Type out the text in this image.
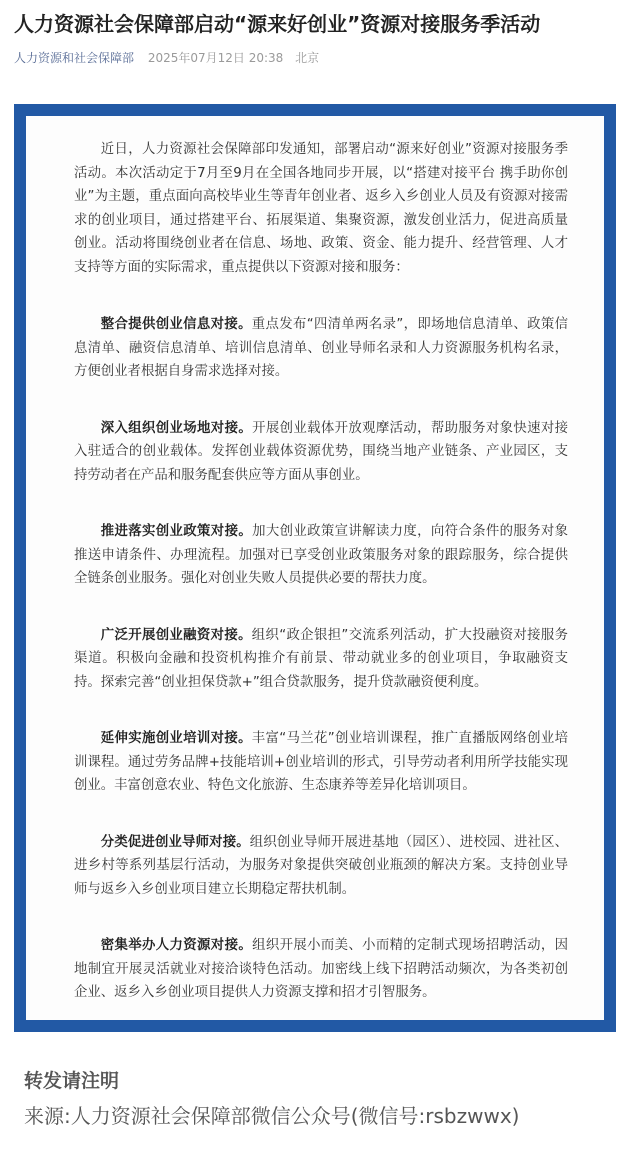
人力资源社会保障部启动“源来好创业”资源对接服务季活动
人力资源和社会保障部 2025年07月12日 20:38 北京

近日，人力资源社会保障部印发通知，部署启动“源来好创业”资源对接服务季活动。本次活动定于7月至9月在全国各地同步开展，以“搭建对接平台 携手助你创业”为主题，重点面向高校毕业生等青年创业者、返乡入乡创业人员及有资源对接需求的创业项目，通过搭建平台、拓展渠道、集聚资源，激发创业活力，促进高质量创业。活动将围绕创业者在信息、场地、政策、资金、能力提升、经营管理、人才支持等方面的实际需求，重点提供以下资源对接和服务：

整合提供创业信息对接。重点发布“四清单两名录”，即场地信息清单、政策信息清单、融资信息清单、培训信息清单、创业导师名录和人力资源服务机构名录，方便创业者根据自身需求选择对接。

深入组织创业场地对接。开展创业载体开放观摩活动，帮助服务对象快速对接入驻适合的创业载体。发挥创业载体资源优势，围绕当地产业链条、产业园区，支持劳动者在产品和服务配套供应等方面从事创业。

推进落实创业政策对接。加大创业政策宣讲解读力度，向符合条件的服务对象推送申请条件、办理流程。加强对已享受创业政策服务对象的跟踪服务，综合提供全链条创业服务。强化对创业失败人员提供必要的帮扶力度。

广泛开展创业融资对接。组织“政企银担”交流系列活动，扩大投融资对接服务渠道。积极向金融和投资机构推介有前景、带动就业多的创业项目，争取融资支持。探索完善“创业担保贷款+”组合贷款服务，提升贷款融资便利度。

延伸实施创业培训对接。丰富“马兰花”创业培训课程，推广直播版网络创业培训课程。通过劳务品牌+技能培训+创业培训的形式，引导劳动者利用所学技能实现创业。丰富创意农业、特色文化旅游、生态康养等差异化培训项目。

分类促进创业导师对接。组织创业导师开展进基地（园区）、进校园、进社区、进乡村等系列基层行活动，为服务对象提供突破创业瓶颈的解决方案。支持创业导师与返乡入乡创业项目建立长期稳定帮扶机制。

密集举办人力资源对接。组织开展小而美、小而精的定制式现场招聘活动，因地制宜开展灵活就业对接洽谈特色活动。加密线上线下招聘活动频次，为各类初创企业、返乡入乡创业项目提供人力资源支撑和招才引智服务。

转发请注明
来源:人力资源社会保障部微信公众号(微信号:rsbzwwx)
